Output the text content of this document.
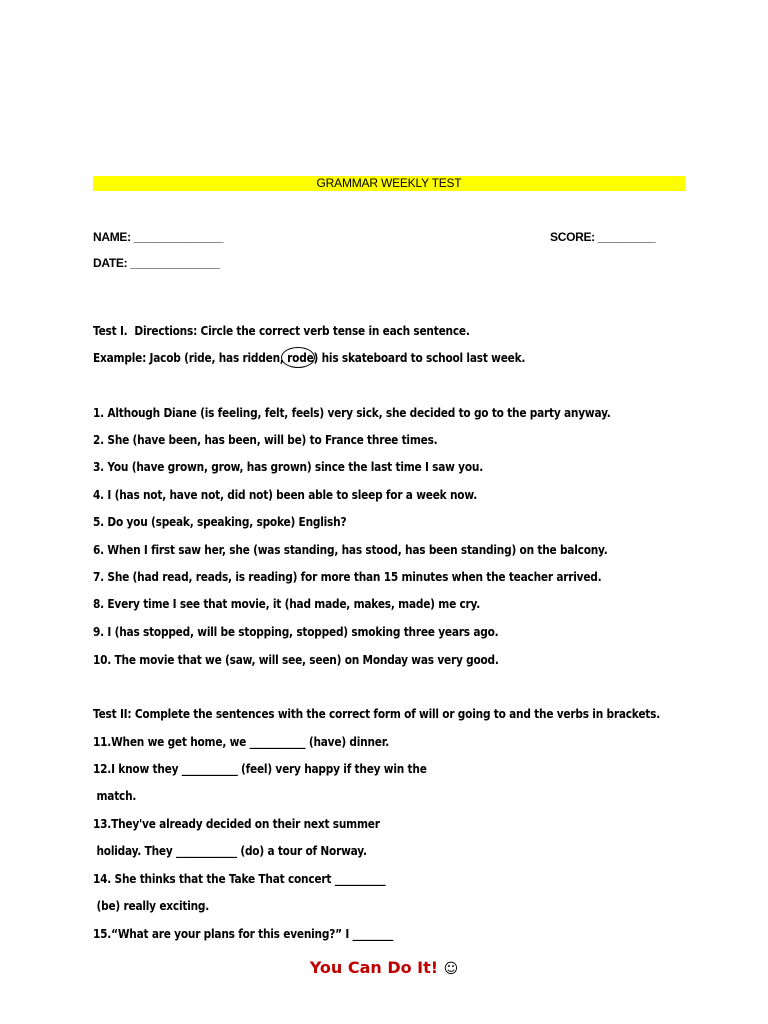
GRAMMAR WEEKLY TEST
NAME: ______________	SCORE: _________
DATE: ______________
Test I.  Directions: Circle the correct verb tense in each sentence.
Example: Jacob (ride, has ridden, rode) his skateboard to school last week.
1. Although Diane (is feeling, felt, feels) very sick, she decided to go to the party anyway.
2. She (have been, has been, will be) to France three times.
3. You (have grown, grow, has grown) since the last time I saw you.
4. I (has not, have not, did not) been able to sleep for a week now.
5. Do you (speak, speaking, spoke) English?
6. When I first saw her, she (was standing, has stood, has been standing) on the balcony.
7. She (had read, reads, is reading) for more than 15 minutes when the teacher arrived.
8. Every time I see that movie, it (had made, makes, made) me cry.
9. I (has stopped, will be stopping, stopped) smoking three years ago.
10. The movie that we (saw, will see, seen) on Monday was very good.
Test II: Complete the sentences with the correct form of will or going to and the verbs in brackets.
11.When we get home, we ___________ (have) dinner.
12.I know they ___________ (feel) very happy if they win the
match.
13.They've already decided on their next summer
holiday. They ____________ (do) a tour of Norway.
14. She thinks that the Take That concert __________
(be) really exciting.
15.“What are your plans for this evening?” I ________
You Can Do It! ☺
